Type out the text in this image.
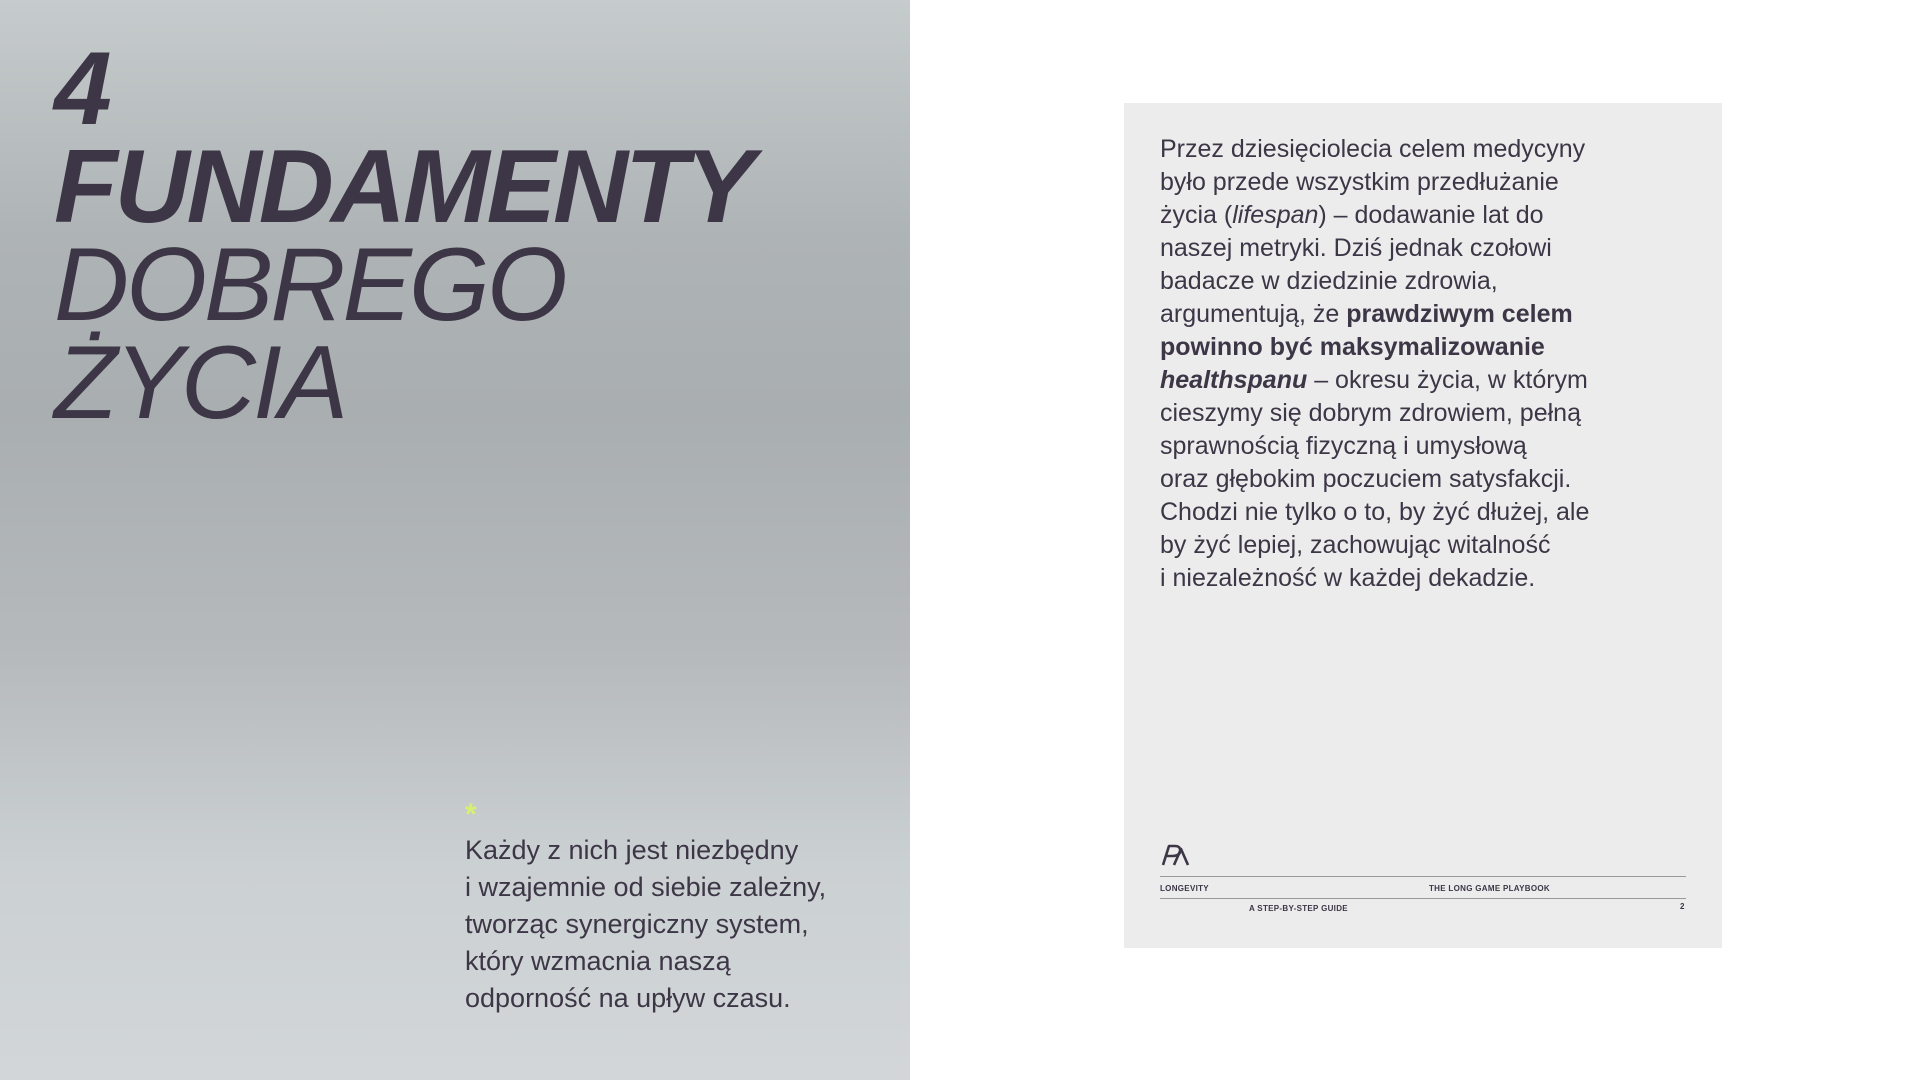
4
FUNDAMENTY
DOBREGO
ŻYCIA
*
Każdy z nich jest niezbędny
i wzajemnie od siebie zależny,
tworząc synergiczny system,
który wzmacnia naszą
odporność na upływ czasu.

Przez dziesięciolecia celem medycyny
było przede wszystkim przedłużanie
życia (lifespan) – dodawanie lat do
naszej metryki. Dziś jednak czołowi
badacze w dziedzinie zdrowia,
argumentują, że prawdziwym celem
powinno być maksymalizowanie
healthspanu – okresu życia, w którym
cieszymy się dobrym zdrowiem, pełną
sprawnością fizyczną i umysłową
oraz głębokim poczuciem satysfakcji.
Chodzi nie tylko o to, by żyć dłużej, ale
by żyć lepiej, zachowując witalność
i niezależność w każdej dekadzie.

LONGEVITY	THE LONG GAME PLAYBOOK
A STEP-BY-STEP GUIDE	2
